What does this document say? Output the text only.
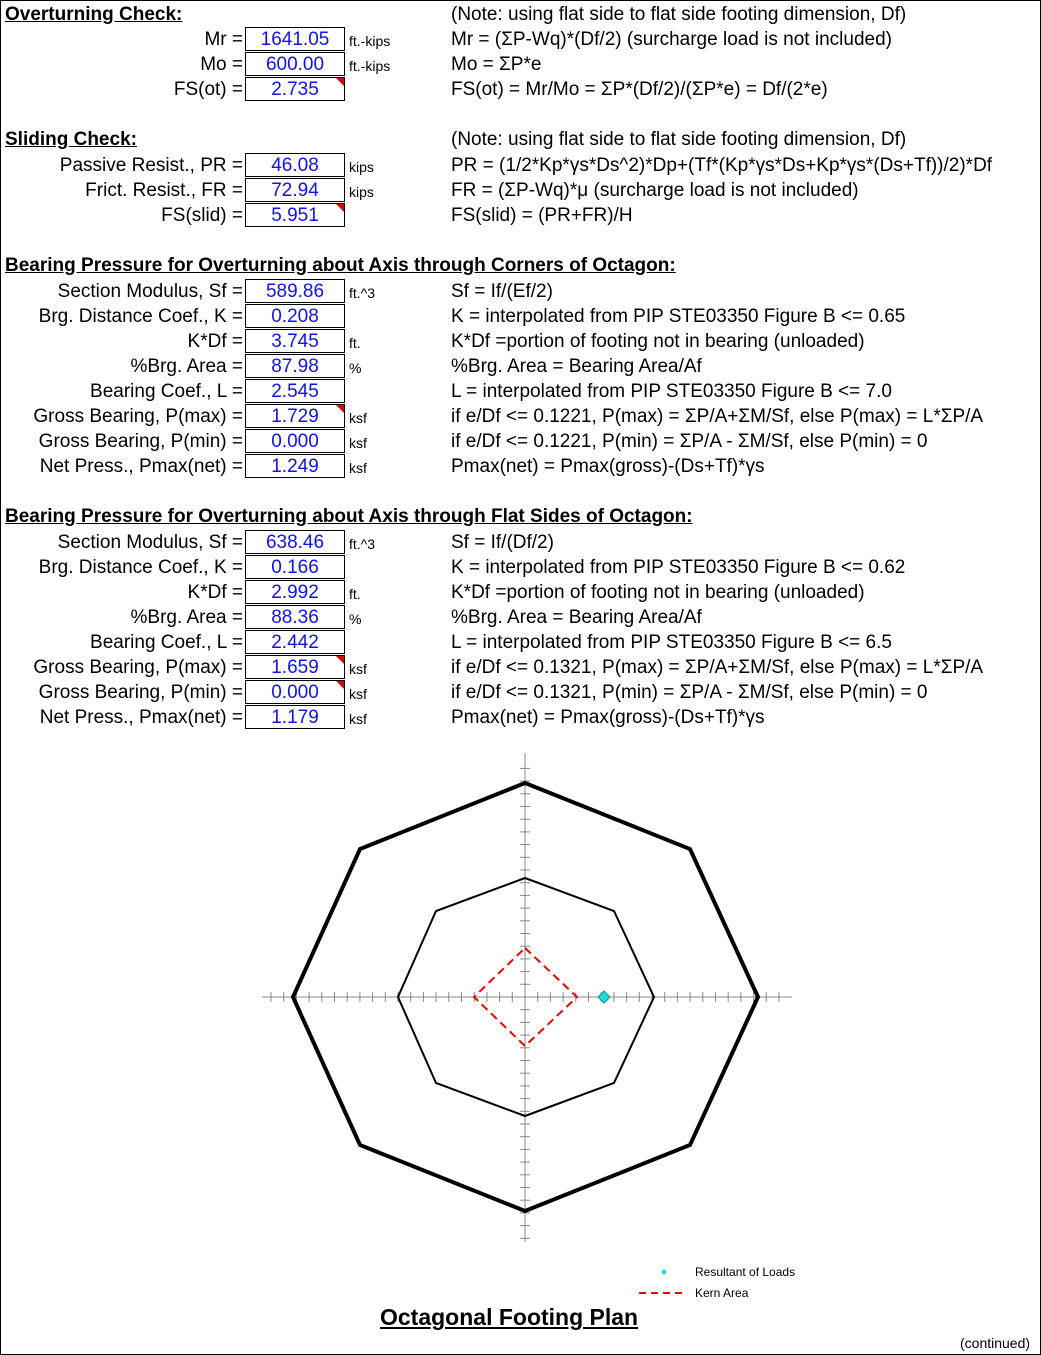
Overturning Check:	(Note: using flat side to flat side footing dimension, Df)
Mr = 1641.05	ft.-kips	Mr = (ΣP-Wq)*(Df/2) (surcharge load is not included)
Mo =	600.00	ft.-kips	Mo = ΣP*e
FS(ot) =	2.735	FS(ot) = Mr/Mo = ΣP*(Df/2)/(ΣP*e) = Df/(2*e)
Sliding Check:	(Note: using flat side to flat side footing dimension, Df)
Passive Resist., PR =	46.08	kips	PR = (1/2*Kp*γs*Ds^2)*Dp+(Tf*(Kp*γs*Ds+Kp*γs*(Ds+Tf))/2)*Df
Frict. Resist., FR =	72.94	kips	FR = (ΣP-Wq)*μ (surcharge load is not included)
FS(slid) =	5.951	FS(slid) = (PR+FR)/H
Bearing Pressure for Overturning about Axis through Corners of Octagon:
Section Modulus, Sf =	589.86	ft.^3	Sf = If/(Ef/2)
Brg. Distance Coef., K =	0.208	K = interpolated from PIP STE03350 Figure B <= 0.65
K*Df =	3.745	ft.	K*Df =portion of footing not in bearing (unloaded)
%Brg. Area =	87.98	%	%Brg. Area = Bearing Area/Af
Bearing Coef., L =	2.545	L = interpolated from PIP STE03350 Figure B <= 7.0
Gross Bearing, P(max) =	1.729	ksf	if e/Df <= 0.1221, P(max) = ΣP/A+ΣM/Sf, else P(max) = L*ΣP/A
Gross Bearing, P(min) =	0.000	ksf	if e/Df <= 0.1221, P(min) = ΣP/A - ΣM/Sf, else P(min) = 0
Net Press., Pmax(net) =	1.249	ksf	Pmax(net) = Pmax(gross)-(Ds+Tf)*γs
Bearing Pressure for Overturning about Axis through Flat Sides of Octagon:
Section Modulus, Sf =	638.46	ft.^3	Sf = If/(Df/2)
Brg. Distance Coef., K =	0.166	K = interpolated from PIP STE03350 Figure B <= 0.62
K*Df =	2.992	ft.	K*Df =portion of footing not in bearing (unloaded)
%Brg. Area =	88.36	%	%Brg. Area = Bearing Area/Af
Bearing Coef., L =	2.442	L = interpolated from PIP STE03350 Figure B <= 6.5
Gross Bearing, P(max) =	1.659	ksf	if e/Df <= 0.1321, P(max) = ΣP/A+ΣM/Sf, else P(max) = L*ΣP/A
Gross Bearing, P(min) =	0.000	ksf	if e/Df <= 0.1321, P(min) = ΣP/A - ΣM/Sf, else P(min) = 0
Net Press., Pmax(net) =	1.179	ksf	Pmax(net) = Pmax(gross)-(Ds+Tf)*γs
Resultant of Loads
Kern Area
Octagonal Footing Plan
(continued)
